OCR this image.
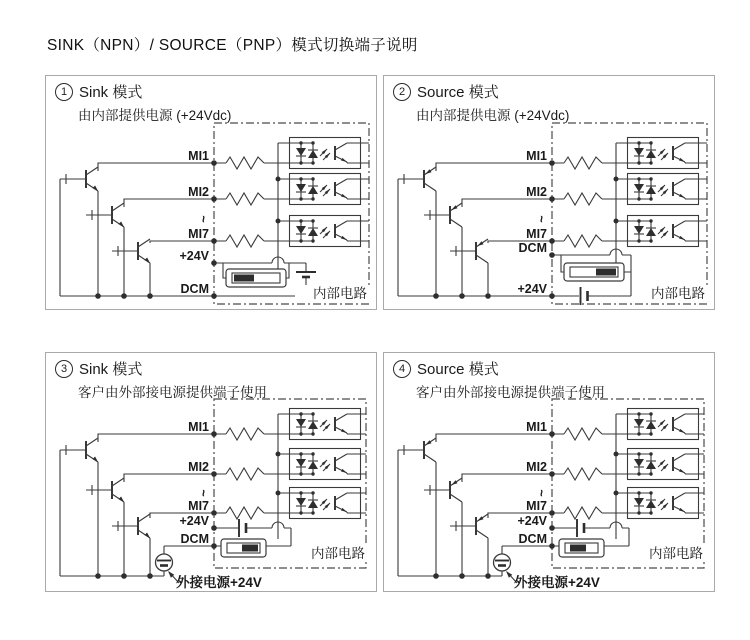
SINK（NPN）/ SOURCE（PNP）模式切换端子说明
1 Sink 模式
由内部提供电源 (+24Vdc)
MI1
MI2
~
MI7
+24V
DCM	内部电路
2 Source 模式
由内部提供电源 (+24Vdc)
MI1
MI2
~
MI7
DCM
+24V	内部电路
3 Sink 模式
客户由外部接电源提供端子使用
MI1
MI2
~
MI7
+24V
DCM
内部电路
外接电源+24V
4 Source 模式
客户由外部接电源提供端子使用
MI1
MI2
~
MI7
+24V
DCM
内部电路
外接电源+24V
